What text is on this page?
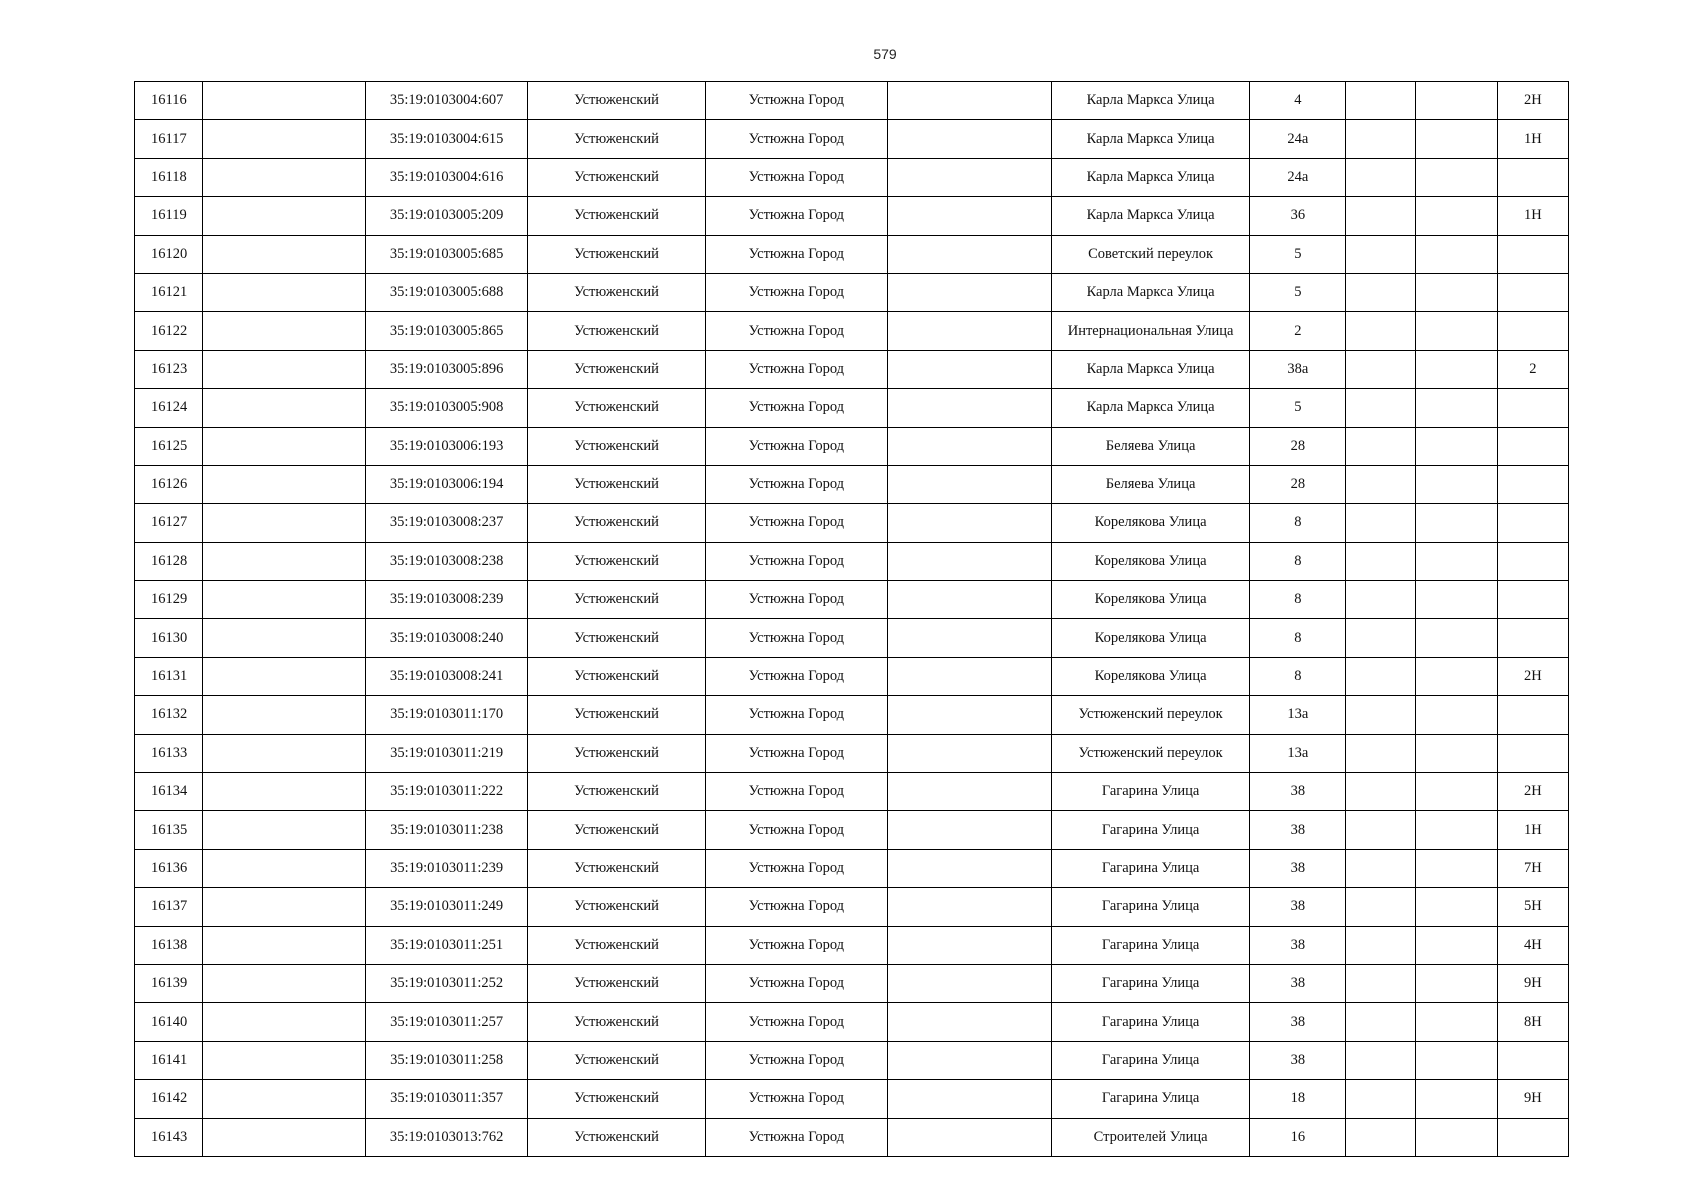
579
16116		35:19:0103004:607	Устюженский	Устюжна Город		Карла Маркса Улица	4			2Н
16117		35:19:0103004:615	Устюженский	Устюжна Город		Карла Маркса Улица	24а			1Н
16118		35:19:0103004:616	Устюженский	Устюжна Город		Карла Маркса Улица	24а			
16119		35:19:0103005:209	Устюженский	Устюжна Город		Карла Маркса Улица	36			1Н
16120		35:19:0103005:685	Устюженский	Устюжна Город		Советский переулок	5			
16121		35:19:0103005:688	Устюженский	Устюжна Город		Карла Маркса Улица	5			
16122		35:19:0103005:865	Устюженский	Устюжна Город		Интернациональная Улица	2			
16123		35:19:0103005:896	Устюженский	Устюжна Город		Карла Маркса Улица	38а			2
16124		35:19:0103005:908	Устюженский	Устюжна Город		Карла Маркса Улица	5			
16125		35:19:0103006:193	Устюженский	Устюжна Город		Беляева Улица	28			
16126		35:19:0103006:194	Устюженский	Устюжна Город		Беляева Улица	28			
16127		35:19:0103008:237	Устюженский	Устюжна Город		Корелякова Улица	8			
16128		35:19:0103008:238	Устюженский	Устюжна Город		Корелякова Улица	8			
16129		35:19:0103008:239	Устюженский	Устюжна Город		Корелякова Улица	8			
16130		35:19:0103008:240	Устюженский	Устюжна Город		Корелякова Улица	8			
16131		35:19:0103008:241	Устюженский	Устюжна Город		Корелякова Улица	8			2Н
16132		35:19:0103011:170	Устюженский	Устюжна Город		Устюженский переулок	13а			
16133		35:19:0103011:219	Устюженский	Устюжна Город		Устюженский переулок	13а			
16134		35:19:0103011:222	Устюженский	Устюжна Город		Гагарина Улица	38			2Н
16135		35:19:0103011:238	Устюженский	Устюжна Город		Гагарина Улица	38			1Н
16136		35:19:0103011:239	Устюженский	Устюжна Город		Гагарина Улица	38			7Н
16137		35:19:0103011:249	Устюженский	Устюжна Город		Гагарина Улица	38			5Н
16138		35:19:0103011:251	Устюженский	Устюжна Город		Гагарина Улица	38			4Н
16139		35:19:0103011:252	Устюженский	Устюжна Город		Гагарина Улица	38			9Н
16140		35:19:0103011:257	Устюженский	Устюжна Город		Гагарина Улица	38			8Н
16141		35:19:0103011:258	Устюженский	Устюжна Город		Гагарина Улица	38			
16142		35:19:0103011:357	Устюженский	Устюжна Город		Гагарина Улица	18			9Н
16143		35:19:0103013:762	Устюженский	Устюжна Город		Строителей Улица	16			
